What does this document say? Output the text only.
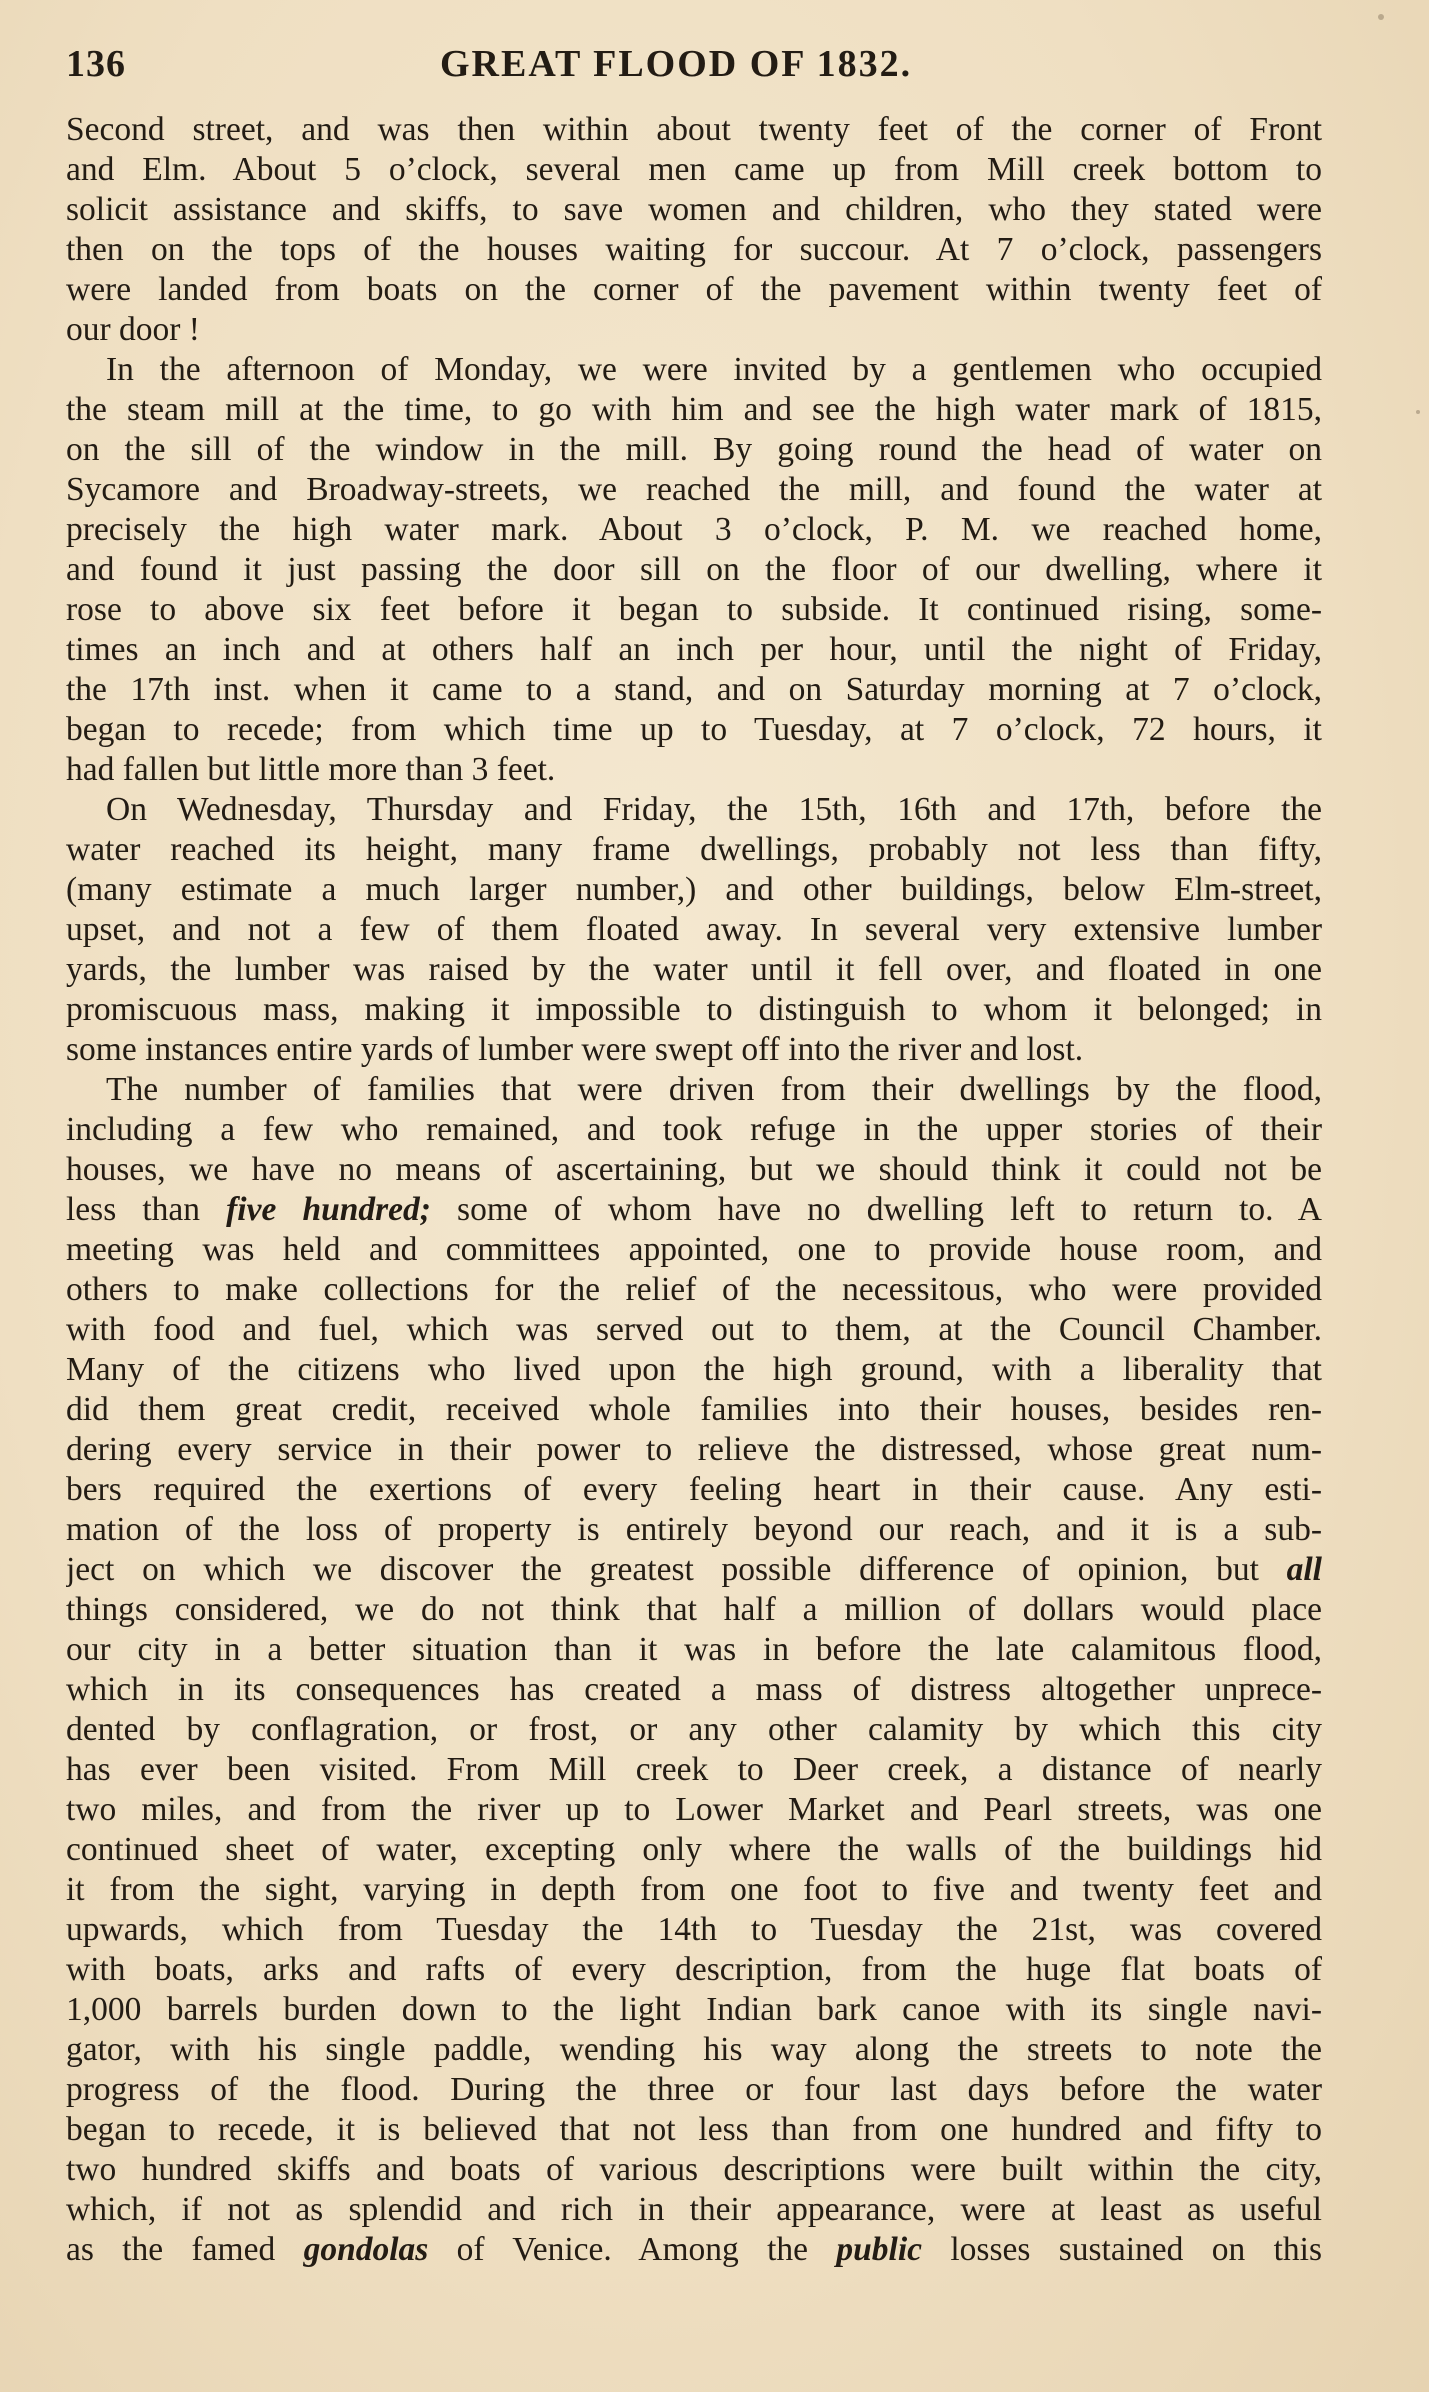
136	GREAT FLOOD OF 1832.
Second street, and was then within about twenty feet of the corner of Front
and Elm. About 5 o’clock, several men came up from Mill creek bottom to
solicit assistance and skiffs, to save women and children, who they stated were
then on the tops of the houses waiting for succour. At 7 o’clock, passengers
were landed from boats on the corner of the pavement within twenty feet of
our door !
In the afternoon of Monday, we were invited by a gentlemen who occupied
the steam mill at the time, to go with him and see the high water mark of 1815,
on the sill of the window in the mill. By going round the head of water on
Sycamore and Broadway-streets, we reached the mill, and found the water at
precisely the high water mark. About 3 o’clock, P. M. we reached home,
and found it just passing the door sill on the floor of our dwelling, where it
rose to above six feet before it began to subside. It continued rising, some-
times an inch and at others half an inch per hour, until the night of Friday,
the 17th inst. when it came to a stand, and on Saturday morning at 7 o’clock,
began to recede; from which time up to Tuesday, at 7 o’clock, 72 hours, it
had fallen but little more than 3 feet.
On Wednesday, Thursday and Friday, the 15th, 16th and 17th, before the
water reached its height, many frame dwellings, probably not less than fifty,
(many estimate a much larger number,) and other buildings, below Elm-street,
upset, and not a few of them floated away. In several very extensive lumber
yards, the lumber was raised by the water until it fell over, and floated in one
promiscuous mass, making it impossible to distinguish to whom it belonged; in
some instances entire yards of lumber were swept off into the river and lost.
The number of families that were driven from their dwellings by the flood,
including a few who remained, and took refuge in the upper stories of their
houses, we have no means of ascertaining, but we should think it could not be
less than five hundred; some of whom have no dwelling left to return to. A
meeting was held and committees appointed, one to provide house room, and
others to make collections for the relief of the necessitous, who were provided
with food and fuel, which was served out to them, at the Council Chamber.
Many of the citizens who lived upon the high ground, with a liberality that
did them great credit, received whole families into their houses, besides ren-
dering every service in their power to relieve the distressed, whose great num-
bers required the exertions of every feeling heart in their cause. Any esti-
mation of the loss of property is entirely beyond our reach, and it is a sub-
ject on which we discover the greatest possible difference of opinion, but all
things considered, we do not think that half a million of dollars would place
our city in a better situation than it was in before the late calamitous flood,
which in its consequences has created a mass of distress altogether unprece-
dented by conflagration, or frost, or any other calamity by which this city
has ever been visited. From Mill creek to Deer creek, a distance of nearly
two miles, and from the river up to Lower Market and Pearl streets, was one
continued sheet of water, excepting only where the walls of the buildings hid
it from the sight, varying in depth from one foot to five and twenty feet and
upwards, which from Tuesday the 14th to Tuesday the 21st, was covered
with boats, arks and rafts of every description, from the huge flat boats of
1,000 barrels burden down to the light Indian bark canoe with its single navi-
gator, with his single paddle, wending his way along the streets to note the
progress of the flood. During the three or four last days before the water
began to recede, it is believed that not less than from one hundred and fifty to
two hundred skiffs and boats of various descriptions were built within the city,
which, if not as splendid and rich in their appearance, were at least as useful
as the famed gondolas of Venice. Among the public losses sustained on this
